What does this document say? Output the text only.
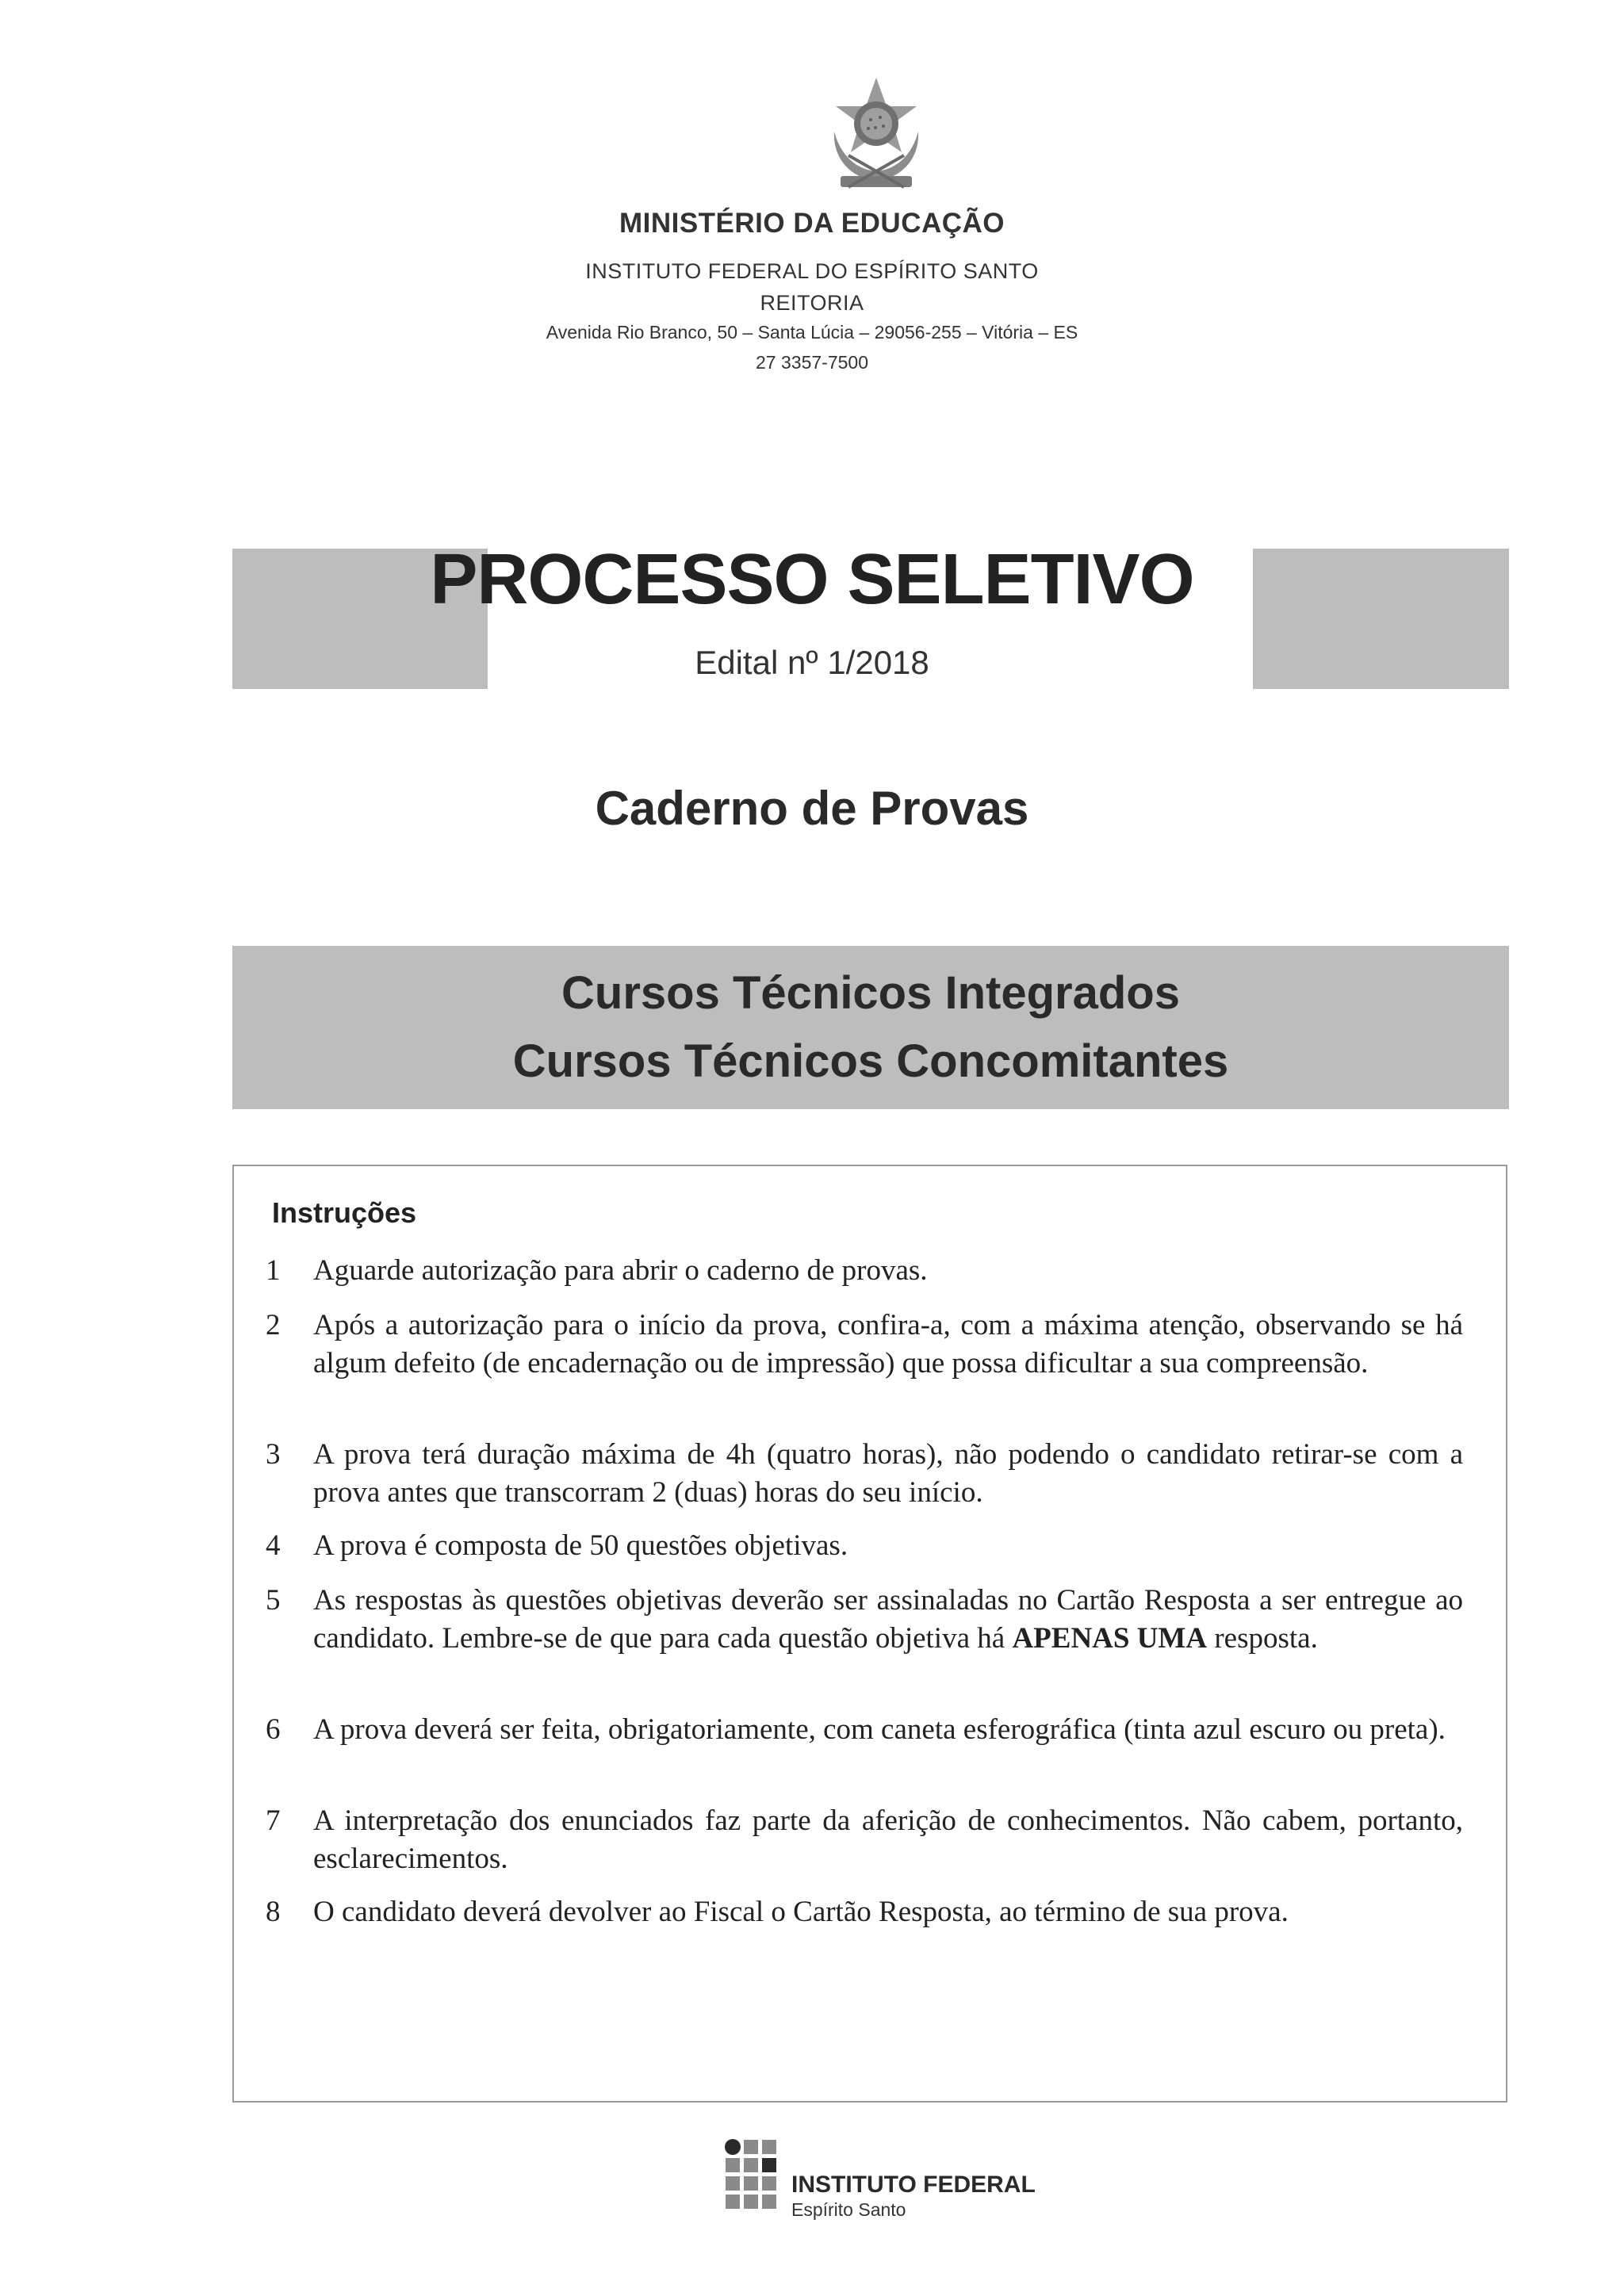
MINISTÉRIO DA EDUCAÇÃO
INSTITUTO FEDERAL DO ESPÍRITO SANTO
REITORIA
Avenida Rio Branco, 50 – Santa Lúcia – 29056-255 – Vitória – ES
27 3357-7500
PROCESSO SELETIVO
Edital nº 1/2018
Caderno de Provas
Cursos Técnicos Integrados
Cursos Técnicos Concomitantes
Instruções
1	Aguarde autorização para abrir o caderno de provas.
2	Após a autorização para o início da prova, confira-a, com a máxima atenção, observando se há algum defeito (de encadernação ou de impressão) que possa dificultar a sua compreensão.
3	A prova terá duração máxima de 4h (quatro horas), não podendo o candidato retirar-se com a prova antes que transcorram 2 (duas) horas do seu início.
4	A prova é composta de 50 questões objetivas.
5	As respostas às questões objetivas deverão ser assinaladas no Cartão Resposta a ser entregue ao candidato. Lembre-se de que para cada questão objetiva há APENAS UMA resposta.
6	A prova deverá ser feita, obrigatoriamente, com caneta esferográfica (tinta azul escuro ou preta).
7	A interpretação dos enunciados faz parte da aferição de conhecimentos. Não cabem, portanto, esclarecimentos.
8	O candidato deverá devolver ao Fiscal o Cartão Resposta, ao término de sua prova.
INSTITUTO FEDERAL
Espírito Santo
